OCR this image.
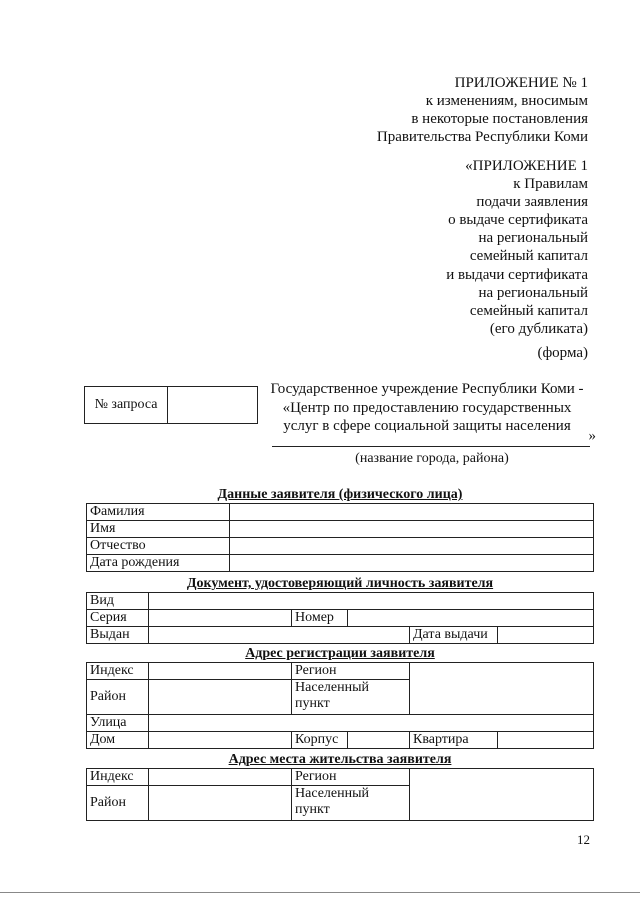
ПРИЛОЖЕНИЕ № 1
к изменениям, вносимым
в некоторые постановления
Правительства Республики Коми
«ПРИЛОЖЕНИЕ 1
к Правилам
подачи заявления
о выдаче сертификата
на региональный
семейный капитал
и выдачи сертификата
на региональный
семейный капитал
(его дубликата)
(форма)
№ запроса
Государственное учреждение Республики Коми -
«Центр по предоставлению государственных
услуг в сфере социальной защиты населения
»
(название города, района)
Данные заявителя (физического лица)
Фамилия	
Имя	
Отчество	
Дата рождения	
Документ, удостоверяющий личность заявителя
Вид					
Серия		Номер			
Выдан				Дата выдачи	
Адрес регистрации заявителя
Индекс		Регион			
Район		Населенный пункт			
Улица					
Дом		Корпус		Квартира	
Адрес места жительства заявителя
Индекс		Регион	
Район		Населенный пункт	
12
